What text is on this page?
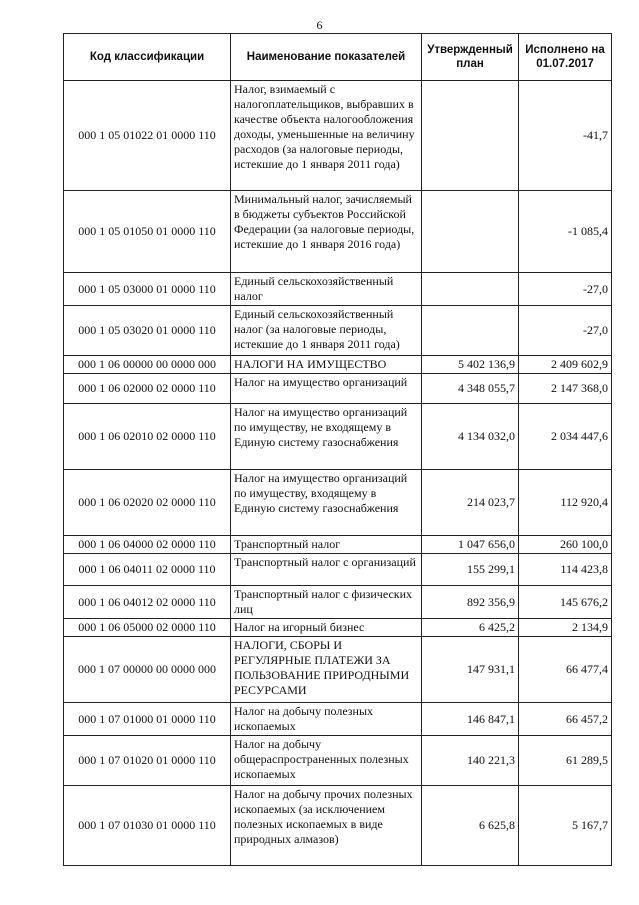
6
Код классификации	Наименование показателей	Утвержденный план	Исполнено на 01.07.2017
000 1 05 01022 01 0000 110	Налог, взимаемый с налогоплательщиков, выбравших в качестве объекта налогообложения доходы, уменьшенные на величину расходов (за налоговые периоды, истекшие до 1 января 2011 года)		-41,7
000 1 05 01050 01 0000 110	Минимальный налог, зачисляемый в бюджеты субъектов Российской Федерации (за налоговые периоды, истекшие до 1 января 2016 года)		-1 085,4
000 1 05 03000 01 0000 110	Единый сельскохозяйственный налог		-27,0
000 1 05 03020 01 0000 110	Единый сельскохозяйственный налог (за налоговые периоды, истекшие до 1 января 2011 года)		-27,0
000 1 06 00000 00 0000 000	НАЛОГИ НА ИМУЩЕСТВО	5 402 136,9	2 409 602,9
000 1 06 02000 02 0000 110	Налог на имущество организаций	4 348 055,7	2 147 368,0
000 1 06 02010 02 0000 110	Налог на имущество организаций по имуществу, не входящему в Единую систему газоснабжения	4 134 032,0	2 034 447,6
000 1 06 02020 02 0000 110	Налог на имущество организаций по имуществу, входящему в Единую систему газоснабжения	214 023,7	112 920,4
000 1 06 04000 02 0000 110	Транспортный налог	1 047 656,0	260 100,0
000 1 06 04011 02 0000 110	Транспортный налог с организаций	155 299,1	114 423,8
000 1 06 04012 02 0000 110	Транспортный налог с физических лиц	892 356,9	145 676,2
000 1 06 05000 02 0000 110	Налог на игорный бизнес	6 425,2	2 134,9
000 1 07 00000 00 0000 000	НАЛОГИ, СБОРЫ И РЕГУЛЯРНЫЕ ПЛАТЕЖИ ЗА ПОЛЬЗОВАНИЕ ПРИРОДНЫМИ РЕСУРСАМИ	147 931,1	66 477,4
000 1 07 01000 01 0000 110	Налог на добычу полезных ископаемых	146 847,1	66 457,2
000 1 07 01020 01 0000 110	Налог на добычу общераспространенных полезных ископаемых	140 221,3	61 289,5
000 1 07 01030 01 0000 110	Налог на добычу прочих полезных ископаемых (за исключением полезных ископаемых в виде природных алмазов)	6 625,8	5 167,7
